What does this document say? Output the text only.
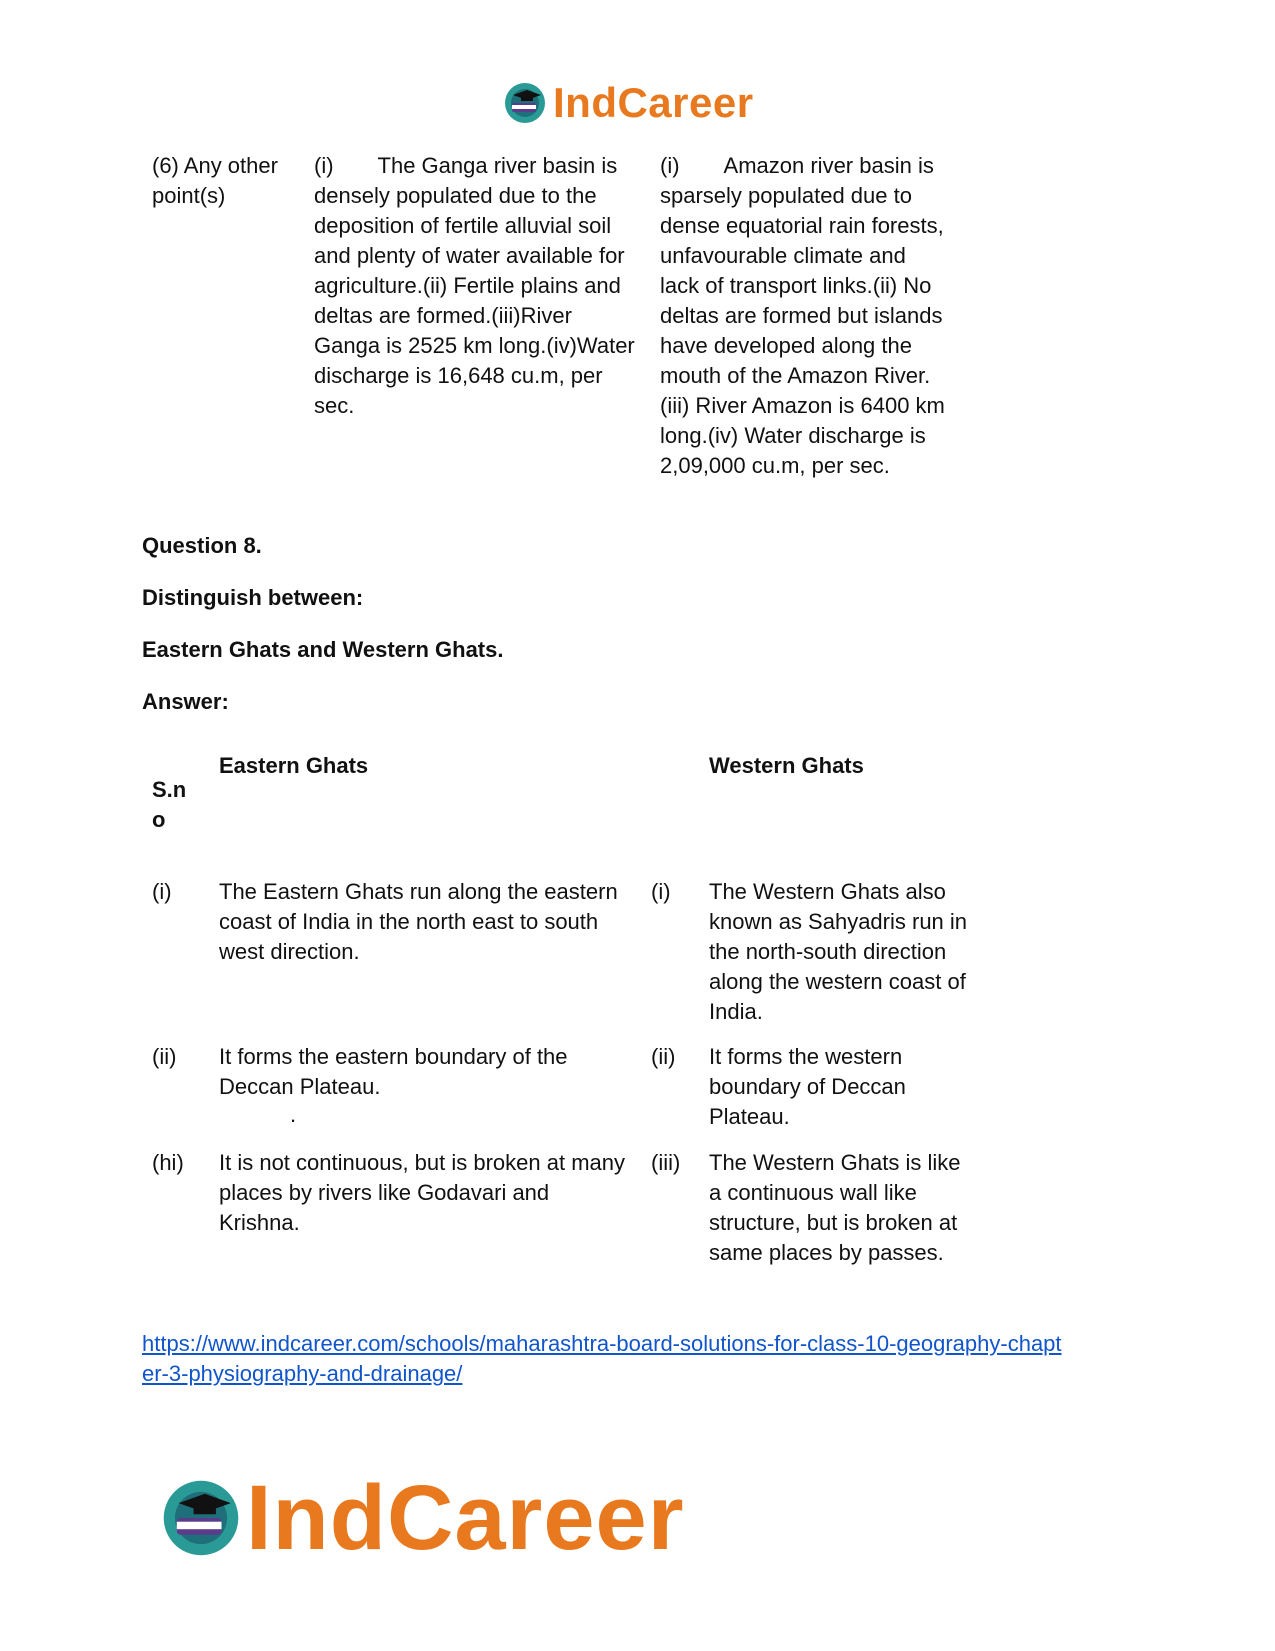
IndCareer
(6) Any other point(s)
(i)  The Ganga river basin is densely populated due to the deposition of fertile alluvial soil and plenty of water available for agriculture.(ii) Fertile plains and deltas are formed.(iii)River Ganga is 2525 km long.(iv)Water discharge is 16,648 cu.m, per sec.
(i)  Amazon river basin is sparsely populated due to dense equatorial rain forests, unfavourable climate and lack of transport links.(ii) No deltas are formed but islands have developed along the mouth of the Amazon River.(iii) River Amazon is 6400 km long.(iv) Water discharge is 2,09,000 cu.m, per sec.
Question 8.
Distinguish between:
Eastern Ghats and Western Ghats.
Answer:
S.n o
Eastern Ghats	Western Ghats
(i) The Eastern Ghats run along the eastern coast of India in the north east to south west direction.
(i) The Western Ghats also known as Sahyadris run in the north-south direction along the western coast of India.
(ii) It forms the eastern boundary of the Deccan Plateau.
.
(ii) It forms the western boundary of Deccan Plateau.
(hi) It is not continuous, but is broken at many places by rivers like Godavari and Krishna.
(iii) The Western Ghats is like a continuous wall like structure, but is broken at same places by passes.
https://www.indcareer.com/schools/maharashtra-board-solutions-for-class-10-geography-chapter-3-physiography-and-drainage/
IndCareer
